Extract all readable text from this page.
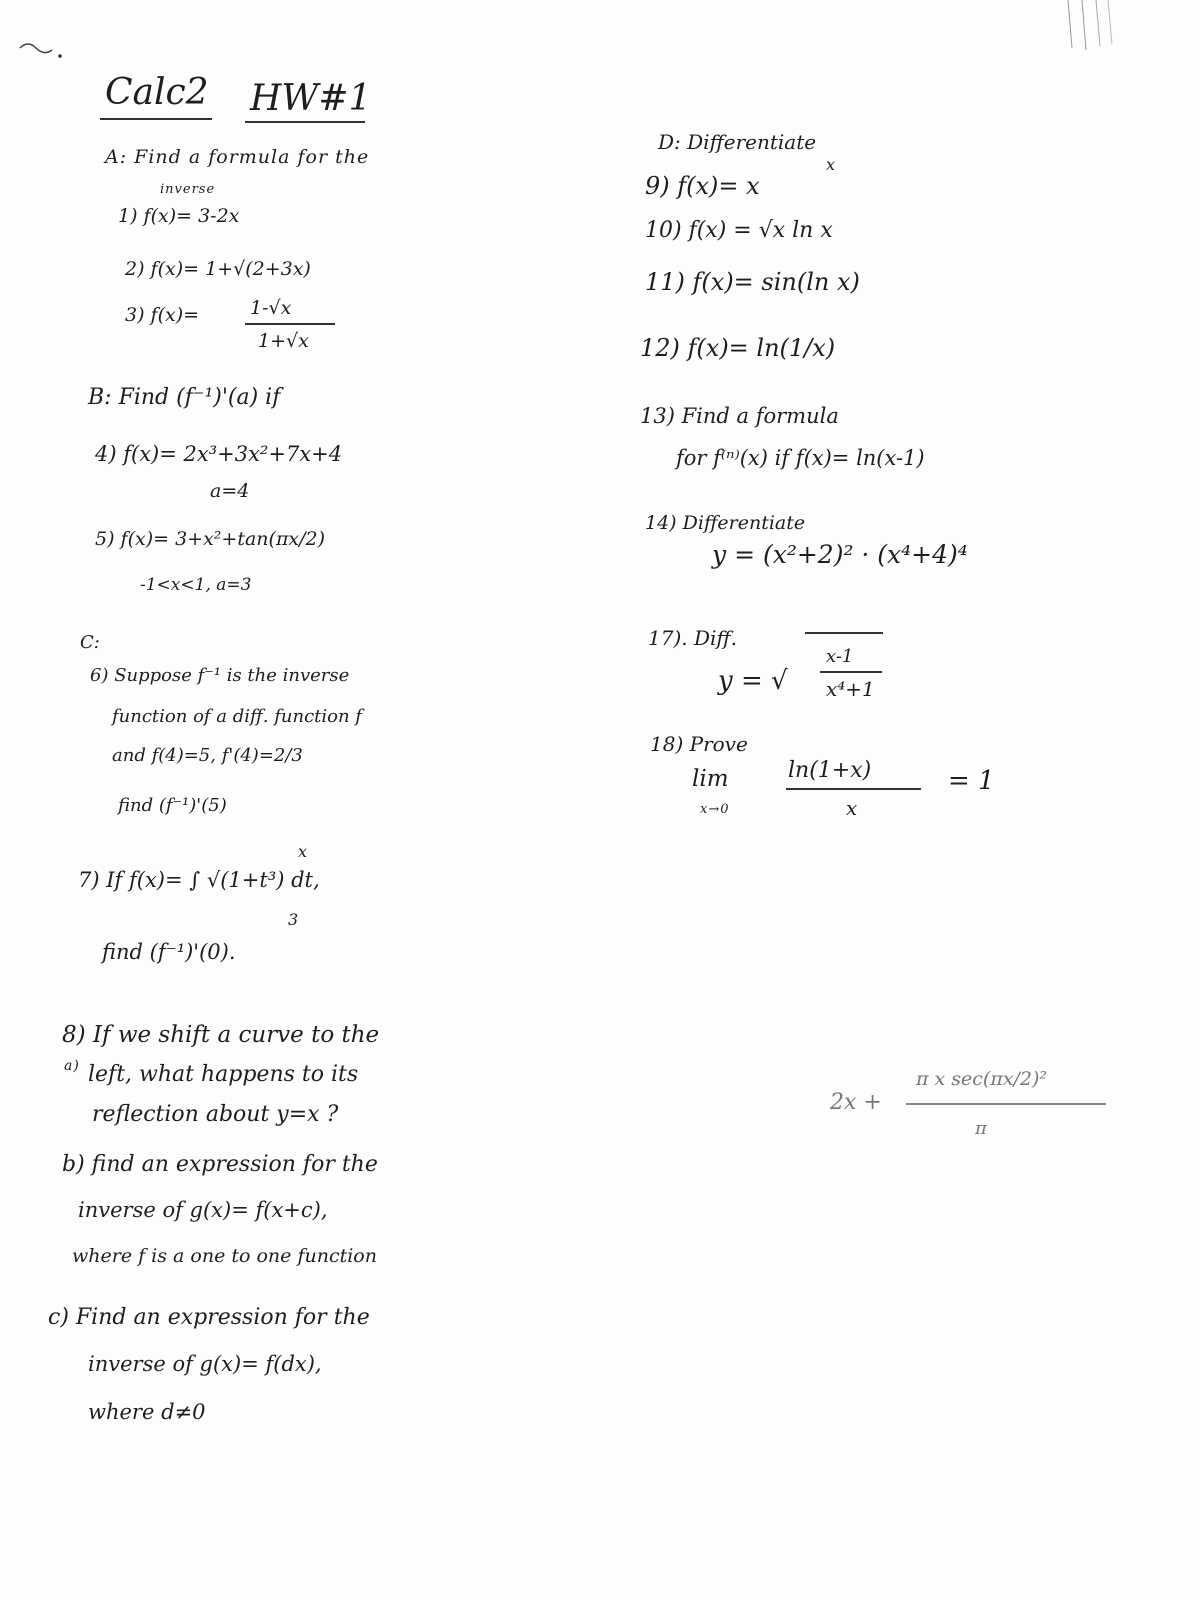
Calc2 HW#1
A: Find a formula for the
inverse
1) f(x)= 3-2x
2) f(x)= 1+√(2+3x)
3) f(x)=	1-√x
1+√x
B: Find (f⁻¹)'(a) if
4) f(x)= 2x³+3x²+7x+4
a=4
5) f(x)= 3+x²+tan(πx/2)
-1<x<1, a=3
C:
6) Suppose f⁻¹ is the inverse
function of a diff. function f
and f(4)=5, f'(4)=2/3
find (f⁻¹)'(5)
x
7) If f(x)= ∫ √(1+t³) dt,
3
find (f⁻¹)'(0).
8) If we shift a curve to the
a) left, what happens to its
reflection about y=x ?
b) find an expression for the
inverse of g(x)= f(x+c),
where f is a one to one function
c) Find an expression for the
inverse of g(x)= f(dx),
where d≠0
D: Differentiate
x
9) f(x)= x
10) f(x) = √x ln x
11) f(x)= sin(ln x)
12) f(x)= ln(1/x)
13) Find a formula
for f⁽ⁿ⁾(x) if f(x)= ln(x-1)
14) Differentiate
y = (x²+2)² · (x⁴+4)⁴
17). Diff.
x-1
y = √ x⁴+1
18) Prove
lim
x→0
ln(1+x)
x
= 1
2x +
π x sec(πx/2)²
π
